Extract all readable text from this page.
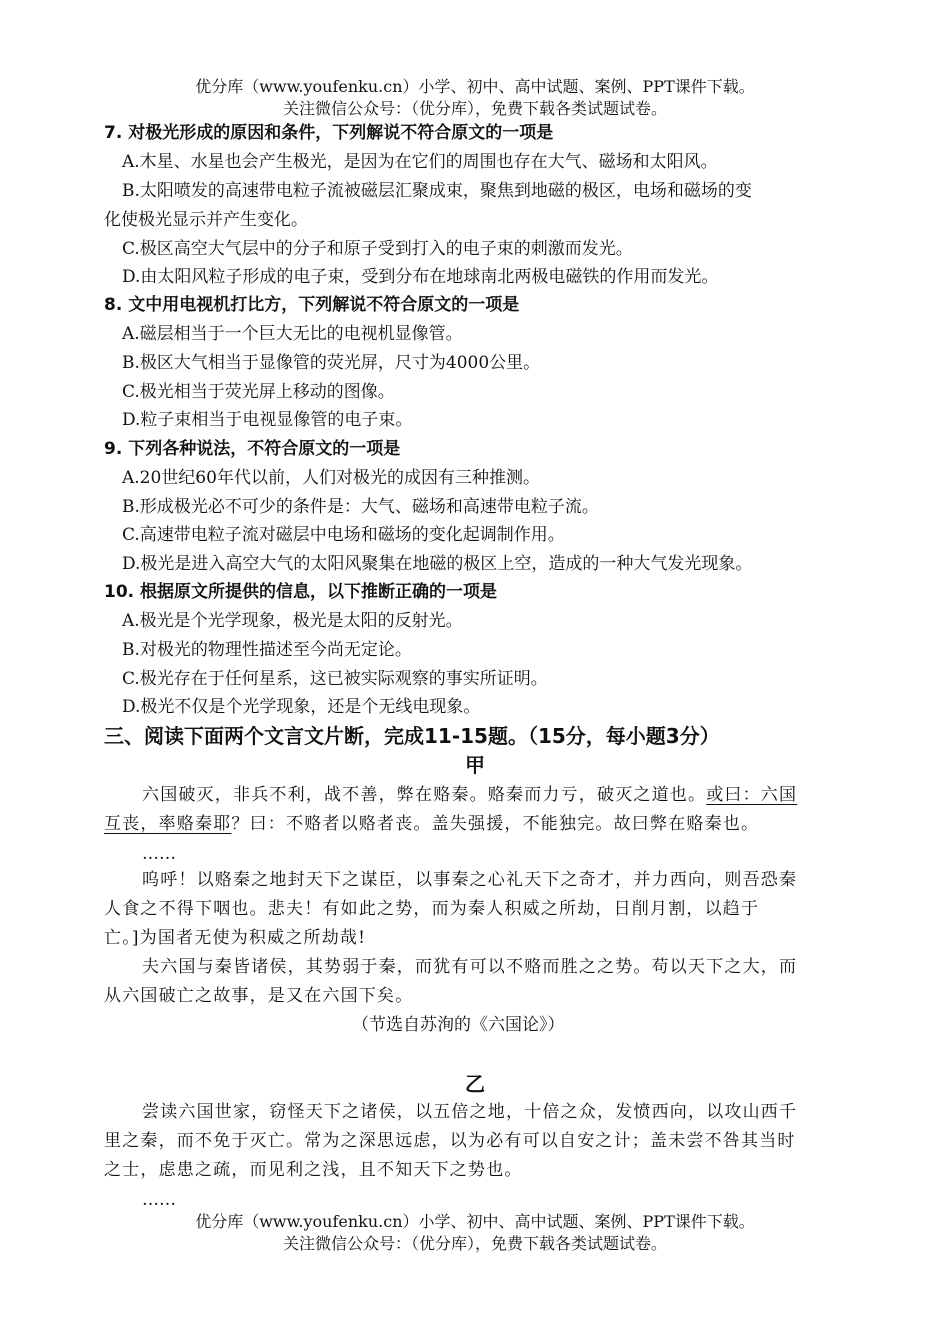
优分库（www.youfenku.cn）小学、初中、高中试题、案例、PPT课件下载。
关注微信公众号：（优分库），免费下载各类试题试卷。
7. 对极光形成的原因和条件，下列解说不符合原文的一项是
A.木星、水星也会产生极光，是因为在它们的周围也存在大气、磁场和太阳风。
B.太阳喷发的高速带电粒子流被磁层汇聚成束，聚焦到地磁的极区，电场和磁场的变
化使极光显示并产生变化。
C.极区高空大气层中的分子和原子受到打入的电子束的刺激而发光。
D.由太阳风粒子形成的电子束，受到分布在地球南北两极电磁铁的作用而发光。
8. 文中用电视机打比方，下列解说不符合原文的一项是
A.磁层相当于一个巨大无比的电视机显像管。
B.极区大气相当于显像管的荧光屏，尺寸为4000公里。
C.极光相当于荧光屏上移动的图像。
D.粒子束相当于电视显像管的电子束。
9. 下列各种说法，不符合原文的一项是
A.20世纪60年代以前，人们对极光的成因有三种推测。
B.形成极光必不可少的条件是：大气、磁场和高速带电粒子流。
C.高速带电粒子流对磁层中电场和磁场的变化起调制作用。
D.极光是进入高空大气的太阳风聚集在地磁的极区上空，造成的一种大气发光现象。
10. 根据原文所提供的信息，以下推断正确的一项是
A.极光是个光学现象，极光是太阳的反射光。
B.对极光的物理性描述至今尚无定论。
C.极光存在于任何星系，这已被实际观察的事实所证明。
D.极光不仅是个光学现象，还是个无线电现象。
三、阅读下面两个文言文片断，完成11-15题。（15分，每小题3分）
甲
六国破灭，非兵不利，战不善，弊在赂秦。赂秦而力亏，破灭之道也。或曰：六国
互丧，率赂秦耶？曰：不赂者以赂者丧。盖失强援，不能独完。故曰弊在赂秦也。
……
呜呼！以赂秦之地封天下之谋臣，以事秦之心礼天下之奇才，并力西向，则吾恐秦
人食之不得下咽也。悲夫！有如此之势，而为秦人积威之所劫，日削月割，以趋于
亡。]为国者无使为积威之所劫哉!
夫六国与秦皆诸侯，其势弱于秦，而犹有可以不赂而胜之之势。苟以天下之大，而
从六国破亡之故事，是又在六国下矣。
（节选自苏洵的《六国论》）
乙
尝读六国世家，窃怪天下之诸侯，以五倍之地，十倍之众，发愤西向，以攻山西千
里之秦，而不免于灭亡。常为之深思远虑，以为必有可以自安之计；盖未尝不咎其当时
之士，虑患之疏，而见利之浅，且不知天下之势也。
……
优分库（www.youfenku.cn）小学、初中、高中试题、案例、PPT课件下载。
关注微信公众号：（优分库），免费下载各类试题试卷。
